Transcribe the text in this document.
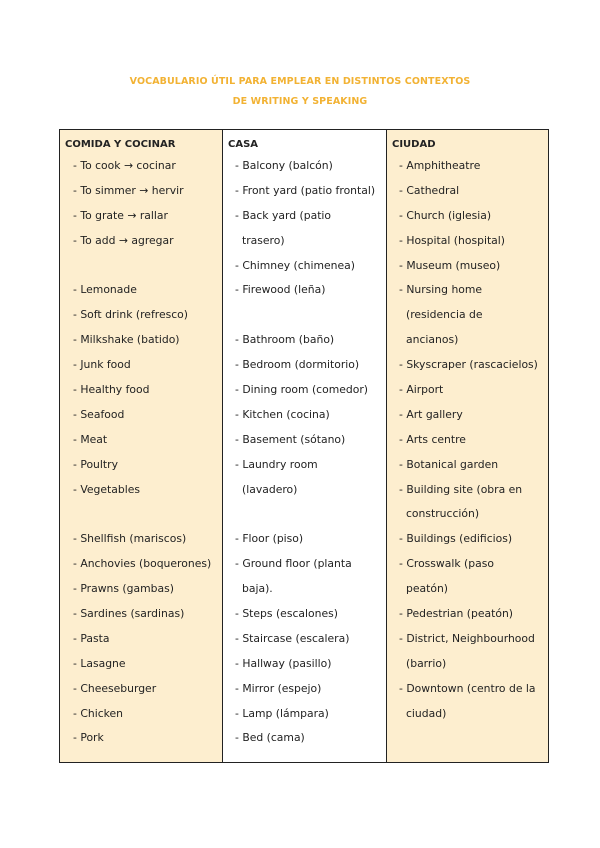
VOCABULARIO ÚTIL PARA EMPLEAR EN DISTINTOS CONTEXTOS
DE WRITING Y SPEAKING
COMIDA Y COCINAR
- To cook → cocinar
- To simmer → hervir
- To grate → rallar
- To add → agregar
- Lemonade
- Soft drink (refresco)
- Milkshake (batido)
- Junk food
- Healthy food
- Seafood
- Meat
- Poultry
- Vegetables
- Shellfish (mariscos)
- Anchovies (boquerones)
- Prawns (gambas)
- Sardines (sardinas)
- Pasta
- Lasagne
- Cheeseburger
- Chicken
- Pork
CASA
- Balcony (balcón)
- Front yard (patio frontal)
- Back yard (patio
trasero)
- Chimney (chimenea)
- Firewood (leña)
- Bathroom (baño)
- Bedroom (dormitorio)
- Dining room (comedor)
- Kitchen (cocina)
- Basement (sótano)
- Laundry room
(lavadero)
- Floor (piso)
- Ground floor (planta
baja).
- Steps (escalones)
- Staircase (escalera)
- Hallway (pasillo)
- Mirror (espejo)
- Lamp (lámpara)
- Bed (cama)
CIUDAD
- Amphitheatre
- Cathedral
- Church (iglesia)
- Hospital (hospital)
- Museum (museo)
- Nursing home
(residencia de
ancianos)
- Skyscraper (rascacielos)
- Airport
- Art gallery
- Arts centre
- Botanical garden
- Building site (obra en
construcción)
- Buildings (edificios)
- Crosswalk (paso
peatón)
- Pedestrian (peatón)
- District, Neighbourhood
(barrio)
- Downtown (centro de la
ciudad)
